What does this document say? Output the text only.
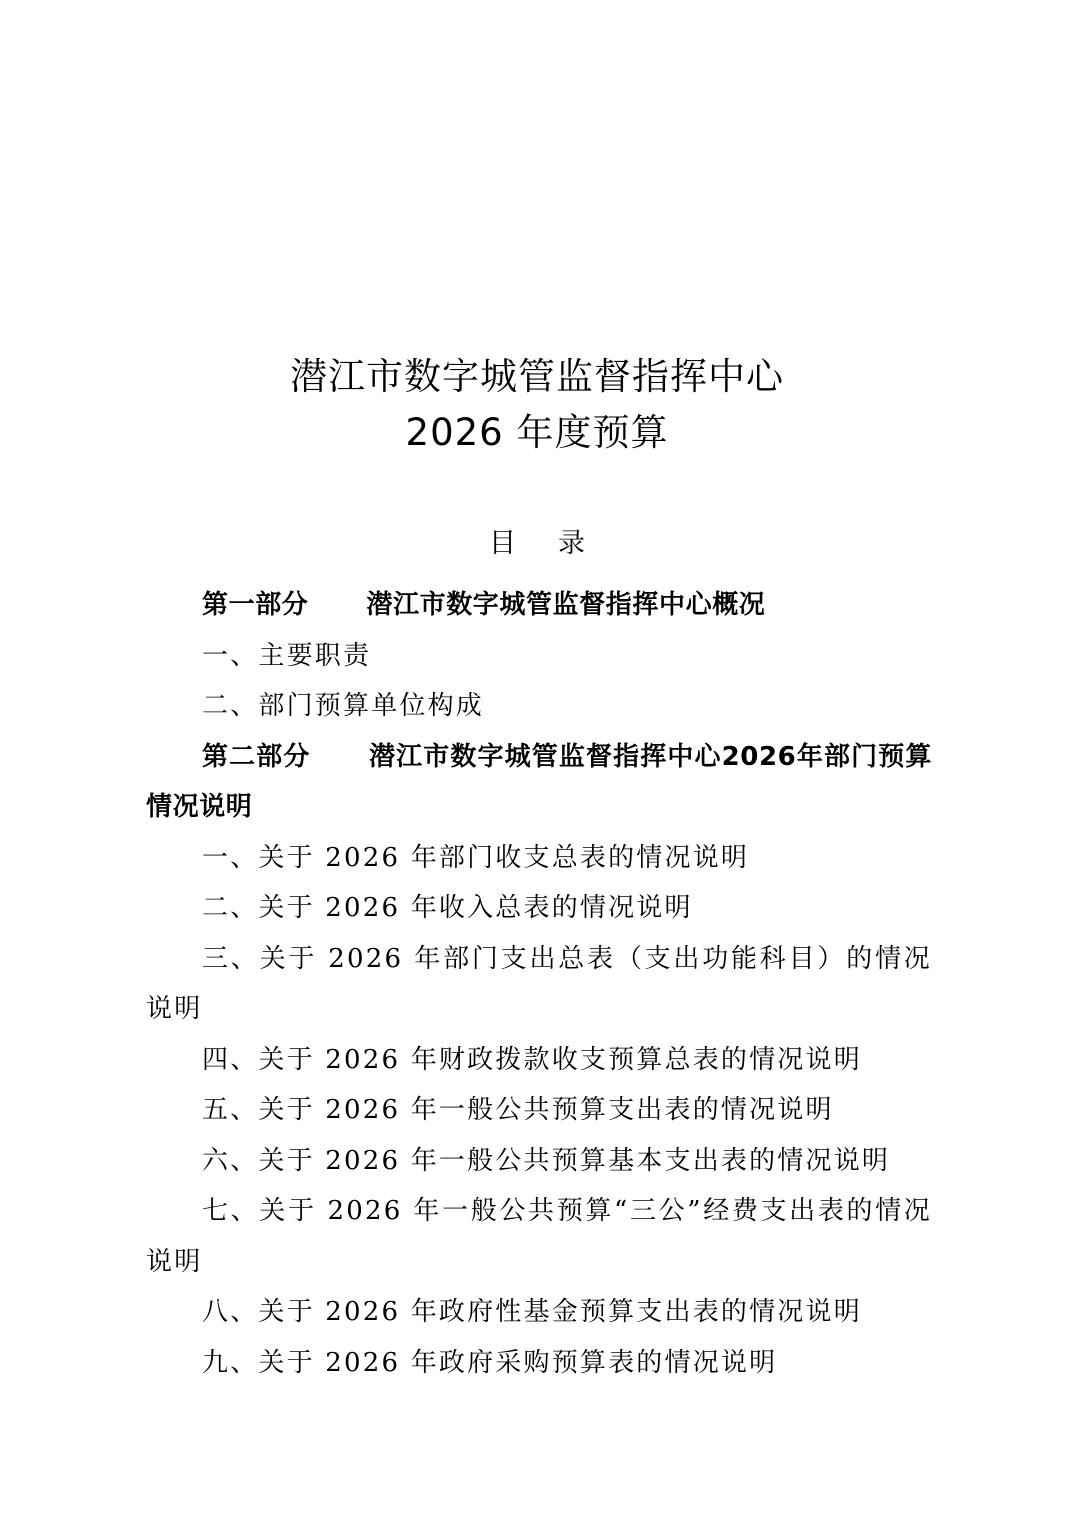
潜江市数字城管监督指挥中心
2026 年度预算
目 录

第一部分 潜江市数字城管监督指挥中心概况

一、主要职责

二、部门预算单位构成

第二部分 潜江市数字城管监督指挥中心2026年部门预算情况说明

一、关于 2026 年部门收支总表的情况说明

二、关于 2026 年收入总表的情况说明

三、关于 2026 年部门支出总表（支出功能科目）的情况说明

四、关于 2026 年财政拨款收支预算总表的情况说明

五、关于 2026 年一般公共预算支出表的情况说明

六、关于 2026 年一般公共预算基本支出表的情况说明

七、关于 2026 年一般公共预算“三公”经费支出表的情况说明

八、关于 2026 年政府性基金预算支出表的情况说明

九、关于 2026 年政府采购预算表的情况说明
